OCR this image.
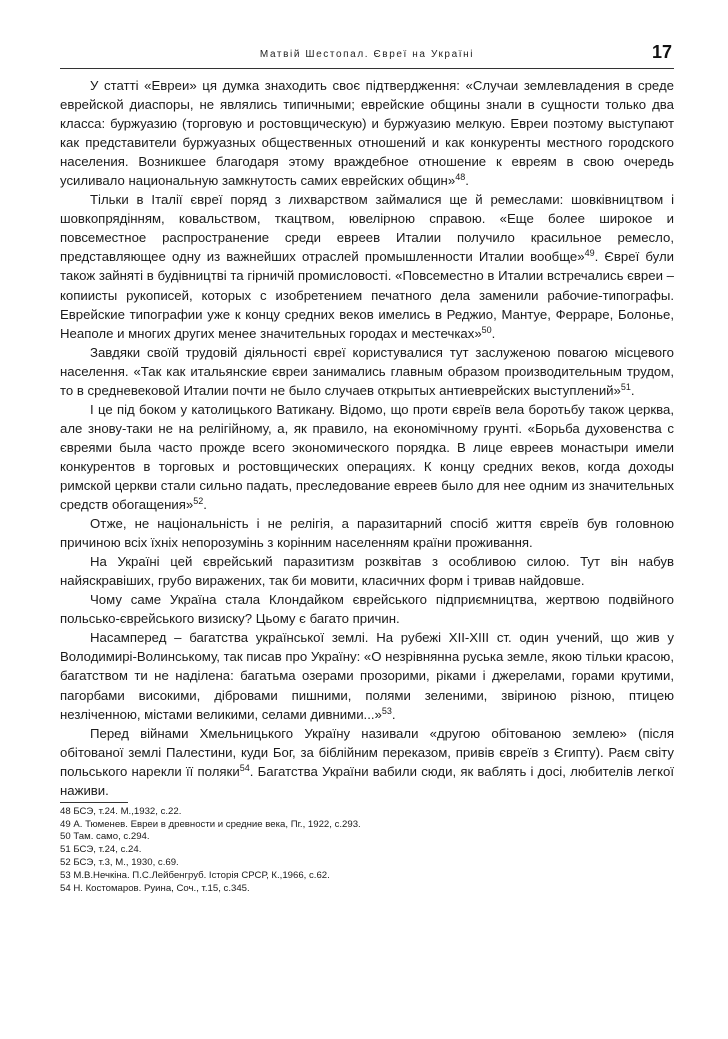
Матвій Шестопал. Євреї на Україні	17

У статті «Евреи» ця думка знаходить своє підтвердження: «Случаи землевладения в среде еврейской диаспоры, не являлись типичными; еврейские общины знали в сущности только два класса: буржуазию (торговую и ростовщическую) и буржуазию мелкую. Евреи поэтому выступают как представители буржуазных общественных отношений и как конкуренты местного городского населения. Возникшее благодаря этому враждебное отношение к евреям в свою очередь усиливало национальную замкнутость самих еврейских общин»$^{48}$.

Тільки в Італії євреї поряд з лихварством займалися ще й ремеслами: шовківництвом і шовкопрядінням, ковальством, ткацтвом, ювелірною справою. «Еще более широкое и повсеместное распространение среди евреев Италии получило красильное ремесло, представляющее одну из важнейших отраслей промышленности Италии вообще»$^{49}$. Євреї були також зайняті в будівництві та гірничій промисловості. «Повсеместно в Италии встречались євреи – копиисты рукописей, которых с изобретением печатного дела заменили рабочие-типографы. Еврейские типографии уже к концу средних веков имелись в Реджио, Мантуе, Ферраре, Болонье, Неаполе и многих других менее значительных городах и местечках»$^{50}$.

Завдяки своїй трудовій діяльності євреї користувалися тут заслуженою повагою місцевого населення. «Так как итальянские євреи занимались главным образом производительным трудом, то в средневековой Италии почти не было случаев открытых антиеврейских выступлений»$^{51}$.

І це під боком у католицького Ватикану. Відомо, що проти євреїв вела боротьбу також церква, але знову-таки не на релігійному, а, як правило, на економічному грунті. «Борьба духовенства с євреями была часто прожде всего экономического порядка. В лице евреев монастыри имели конкурентов в торговых и ростовщических операциях. К концу средних веков, когда доходы римской церкви стали сильно падать, преследование евреев было для нее одним из значительных средств обогащения»$^{52}$.

Отже, не національність і не релігія, а паразитарний спосіб життя євреїв був головною причиною всіх їхніх непорозумінь з корінним населенням країни проживання.

На Україні цей єврейський паразитизм розквітав з особливою силою. Тут він набув найяскравіших, грубо виражених, так би мовити, класичних форм і тривав найдовше.

Чому саме Україна стала Клондайком єврейського підприємництва, жертвою подвійного польсько-єврейського визиску? Цьому є багато причин.

Насамперед – багатства української землі. На рубежі XII-XIII ст. один учений, що жив у Володимирі-Волинському, так писав про Україну: «О незрівнянна руська земле, якою тільки красою, багатством ти не наділена: багатьма озерами прозорими, ріками і джерелами, горами крутими, пагорбами високими, дібровами пишними, полями зеленими, звіриною різною, птицею незліченною, містами великими, селами дивними...»$^{53}$.

Перед війнами Хмельницького Україну називали «другою обітованою землею» (після обітованої землі Палестини, куди Бог, за біблійним переказом, привів євреїв з Єгипту). Раєм світу польського нарекли її поляки$^{54}$. Багатства України вабили сюди, як ваблять і досі, любителів легкої наживи.

48 БСЭ, т.24. М.,1932, с.22.
49 А. Тюменев. Евреи в древности и средние века, Пг., 1922, с.293.
50 Там. само, с.294.
51 БСЭ, т.24, с.24.
52 БСЭ, т.3, М., 1930, с.69.
53 М.В.Нечкіна. П.С.Лейбенгруб. Історія СРСР, К.,1966, с.62.
54 Н. Костомаров. Руина, Соч., т.15, с.345.
